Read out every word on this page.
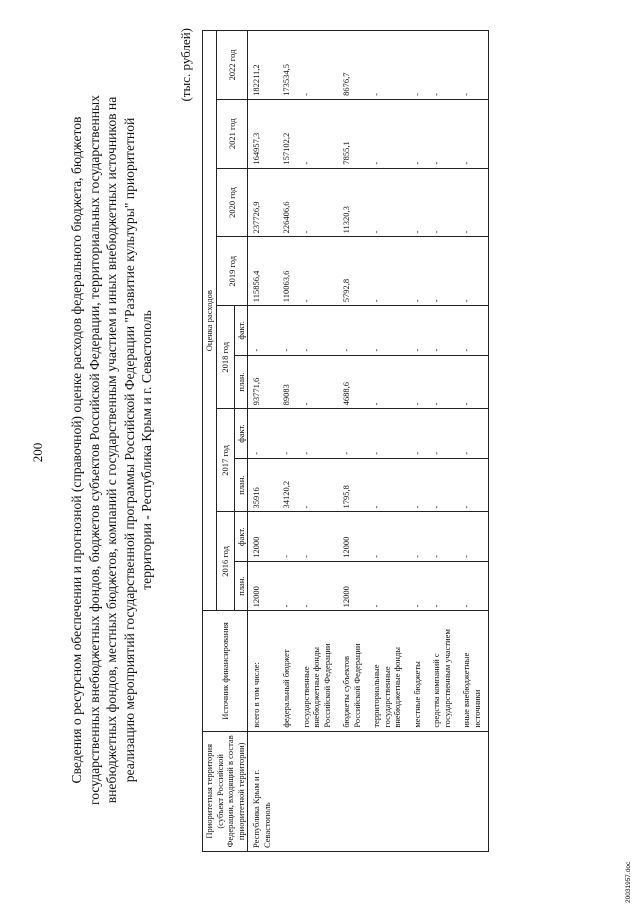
200 Сведения о ресурсном обеспечении и прогнозной (справочной) оценке расходов федерального бюджета, бюджетов государственных внебюджетных фондов, бюджетов субъектов Российской Федерации, территориальных государственных внебюджетных фондов, местных бюджетов, компаний с государственным участием и иных внебюджетных источников на реализацию мероприятий государственной программы Российской Федерации "Развитие культуры" приоритетной территории - Республика Крым и г. Севастополь
(тыс. рублей)
Приоритетная территория (субъект Российской Федерации, входящий в состав приоритетной территории)	Источник финансирования	Оценка расходов									
		2016 год		2017 год		2018 год		2019 год	2020 год	2021 год	2022 год
		план.	факт.	план.	факт.	план.	факт.				
Республика Крым и г. Севастополь	всего в том числе:	12000	12000	35916	-	93771,6	-	115856,4	237726,9	164957,3	182211,2
	федеральный бюджет	-	-	34120,2	-	89083	-	110063,6	226406,6	157102,2	173534,5
	государственные внебюджетные фонды Российской Федерации	-	-	-	-	-	-	-	-	-	-
	бюджеты субъектов Российской Федерации	12000	12000	1795,8	-	4688,6	-	5792,8	11320,3	7855,1	8676,7
	территориальные государственные внебюджетные фонды	-	-	-	-	-	-	-	-	-	-
	местные бюджеты	-	-	-	-	-	-	-	-	-	-
	средства компаний с государственным участием	-	-	-	-	-	-	-	-	-	-
	иные внебюджетные источники	-	-	-	-	-	-	-	-	-	-
20031957.doc
